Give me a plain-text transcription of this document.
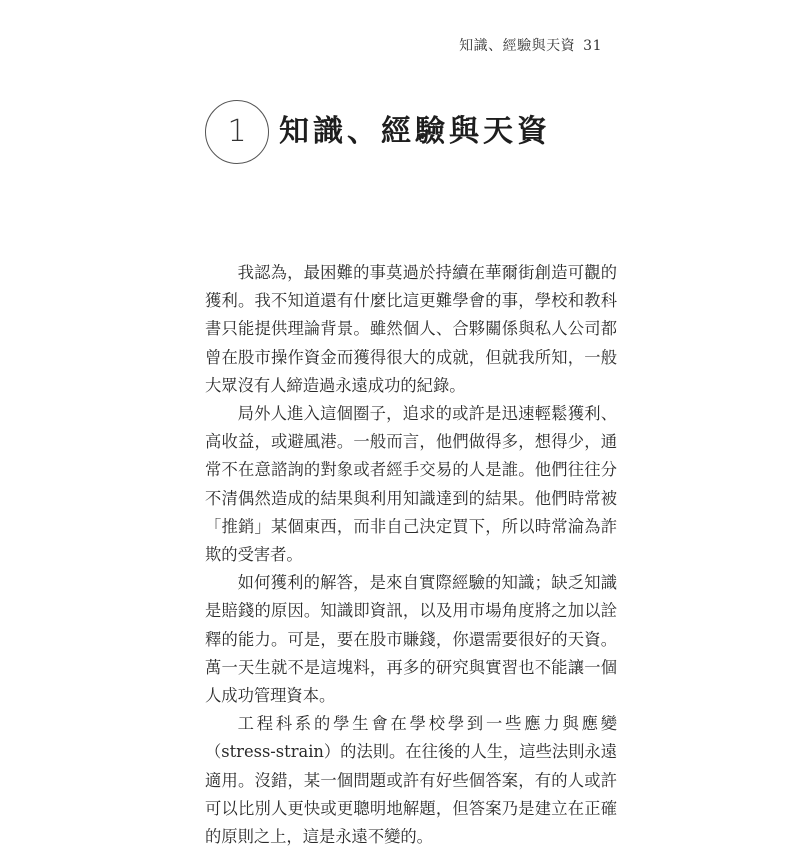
知識、經驗與天資 31
1 知識、經驗與天資

我認為，最困難的事莫過於持續在華爾街創造可觀的獲利。我不知道還有什麼比這更難學會的事，學校和教科書只能提供理論背景。雖然個人、合夥關係與私人公司都曾在股市操作資金而獲得很大的成就，但就我所知，一般大眾沒有人締造過永遠成功的紀錄。

局外人進入這個圈子，追求的或許是迅速輕鬆獲利、高收益，或避風港。一般而言，他們做得多，想得少，通常不在意諮詢的對象或者經手交易的人是誰。他們往往分不清偶然造成的結果與利用知識達到的結果。他們時常被「推銷」某個東西，而非自己決定買下，所以時常淪為詐欺的受害者。

如何獲利的解答，是來自實際經驗的知識；缺乏知識是賠錢的原因。知識即資訊，以及用市場角度將之加以詮釋的能力。可是，要在股市賺錢，你還需要很好的天資。萬一天生就不是這塊料，再多的研究與實習也不能讓一個人成功管理資本。

工程科系的學生會在學校學到一些應力與應變（stress-strain）的法則。在往後的人生，這些法則永遠適用。沒錯，某一個問題或許有好些個答案，有的人或許可以比別人更快或更聰明地解題，但答案乃是建立在正確的原則之上，這是永遠不變的。
